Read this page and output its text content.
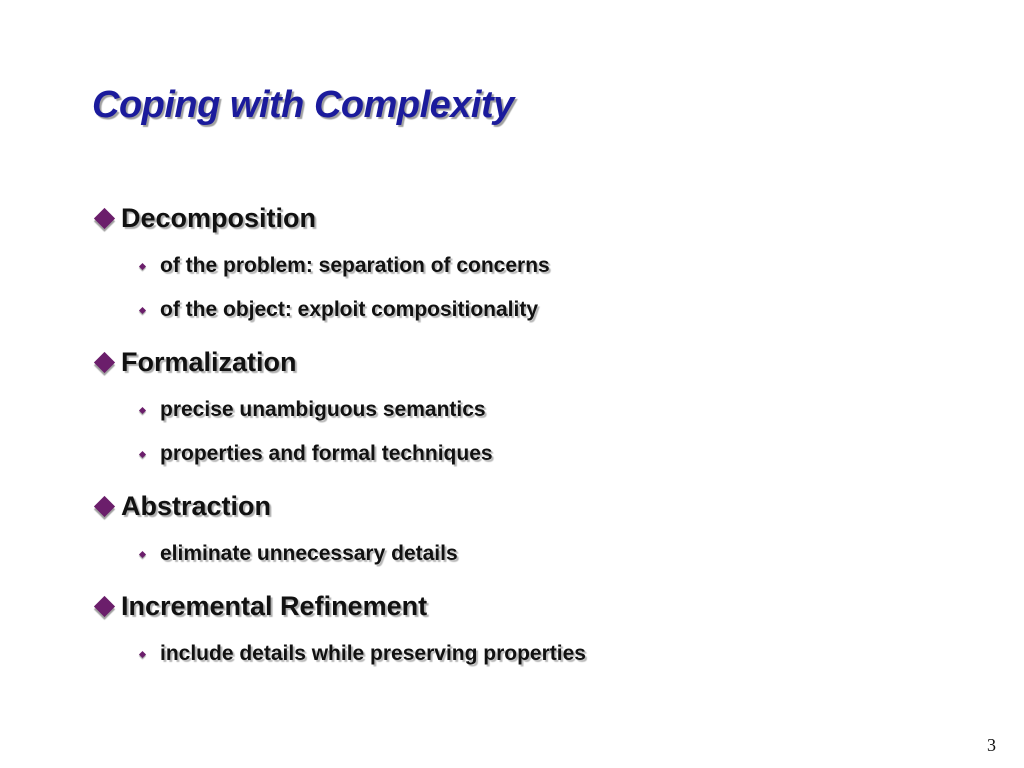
Coping with Complexity
Decomposition
of the problem: separation of concerns
of the object: exploit compositionality
Formalization
precise unambiguous semantics
properties and formal techniques
Abstraction
eliminate unnecessary details
Incremental Refinement
include details while preserving properties
3
